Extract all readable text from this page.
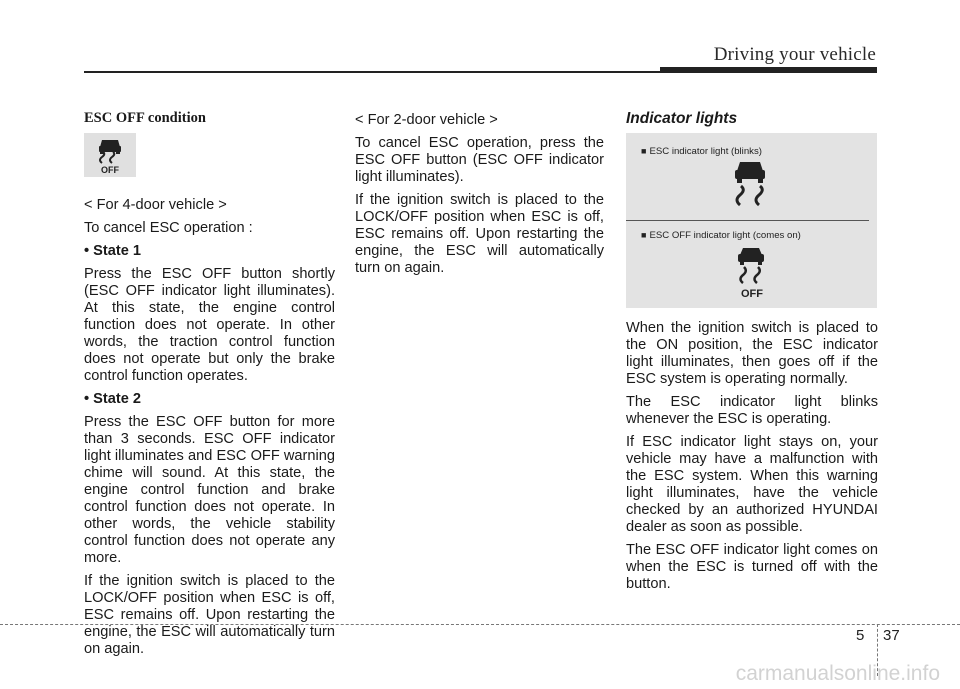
Driving your vehicle

ESC OFF condition

OFF

< For 4-door vehicle >

To cancel ESC operation :

• State 1

Press the ESC OFF button shortly (ESC OFF indicator light illuminates). At this state, the engine control function does not operate. In other words, the traction control function does not operate but only the brake control function operates.

• State 2

Press the ESC OFF button for more than 3 seconds. ESC OFF indicator light illuminates and ESC OFF warning chime will sound. At this state, the engine control function and brake control function does not operate. In other words, the vehicle stability control function does not operate any more.

If the ignition switch is placed to the LOCK/OFF position when ESC is off, ESC remains off. Upon restarting the engine, the ESC will automatically turn on again.

< For 2-door vehicle >

To cancel ESC operation, press the ESC OFF button (ESC OFF indicator light illuminates).

If the ignition switch is placed to the LOCK/OFF position when ESC is off, ESC remains off. Upon restarting the engine, the ESC will automatically turn on again.

Indicator lights

■ ESC indicator light (blinks)
■ ESC OFF indicator light (comes on)
OFF

When the ignition switch is placed to the ON position, the ESC indicator light illuminates, then goes off if the ESC system is operating normally.

The ESC indicator light blinks whenever the ESC is operating.

If ESC indicator light stays on, your vehicle may have a malfunction with the ESC system. When this warning light illuminates, have the vehicle checked by an authorized HYUNDAI dealer as soon as possible.

The ESC OFF indicator light comes on when the ESC is turned off with the button.

5 37
carmanualsonline.info
